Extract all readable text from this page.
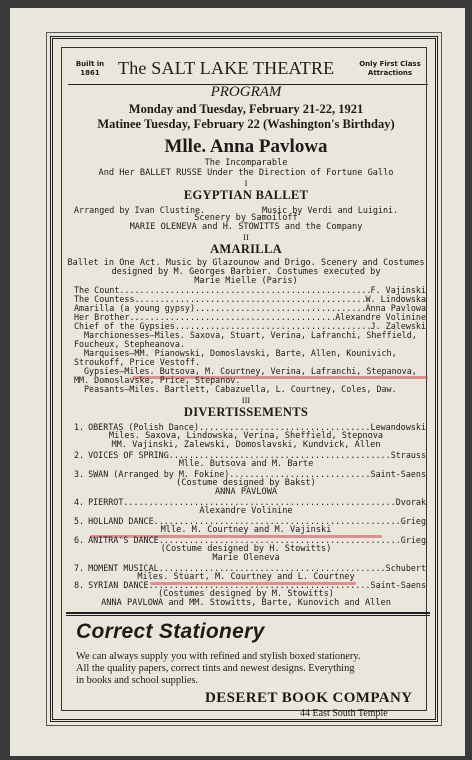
Built in
1861	The SALT LAKE THEATRE	Only First Class
Attractions
PROGRAM
Monday and Tuesday, February 21-22, 1921
Matinee Tuesday, February 22 (Washington's Birthday)
Mlle. Anna Pavlowa
The Incomparable
And Her BALLET RUSSE Under the Direction of Fortune Gallo
I
EGYPTIAN BALLET
Arranged by Ivan Clustine.	Music by Verdi and Luigini.
Scenery by Samoiloff
MARIE OLENEVA and H. STOWITTS and the Company
II
AMARILLA
Ballet in One Act. Music by Glazounow and Drigo. Scenery and Costumes
designed by M. Georges Barbier. Costumes executed by
Marie Mielle (Paris)
The Count .....	F. Vajinski
The Countess .....	W. Lindowska
Amarilla (a young gypsy) .....	Anna Pavlowa
Her Brother .....	Alexandre Volinine
Chief of the Gypsies .....	J. Zalewski
Marchionesses—Miles. Saxova, Stuart, Verina, Lafranchi, Sheffield,
Foucheux, Stepheanova.
Marquises—MM. Pianowski, Domoslavski, Barte, Allen, Kounivich,
Stroukoff, Price Vestoff.
Gypsies—Miles. Butsova, M. Courtney, Verina, Lafranchi, Stepanova,
MM. Domoslavske, Price, Stepanov.
Peasants—Miles. Bartlett, Cabazuella, L. Courtney, Coles, Daw.
III
DIVERTISSEMENTS
1. OBERTAS (Polish Dance) .....	Lewandowski
Miles. Saxova, Lindowska, Verina, Sheffield, Stepnova
MM. Vajinski, Zalewski, Domoslavski, Kundvick, Allen
2. VOICES OF SPRING .....	Strauss
Mlle. Butsova and M. Barte
3. SWAN (Arranged by M. Fokine) .....	Saint-Saens
(Costume designed by Bakst)
ANNA PAVLOWA
4. PIERROT .....	Dvorak
Alexandre Volinine
5. HOLLAND DANCE .....	Grieg
Mlle. M. Courtney and M. Vajinski
6. ANITRA'S DANCE .....	Grieg
(Costume designed by H. Stowitts)
Marie Oleneva
Correct Stationery
We can always supply you with refined and stylish boxed stationery.
All the quality papers, correct tints and newest designs. Everything
in books and school supplies.
DESERET BOOK COMPANY
44 East South Temple
7. MOMENT MUSICAL .....	Schubert
Miles. Stuart, M. Courtney and L. Courtney
8. SYRIAN DANCE .....	Saint-Saens
(Costumes designed by M. Stowitts)
ANNA PAVLOWA and MM. Stowitts, Barte, Kunovich and Allen
